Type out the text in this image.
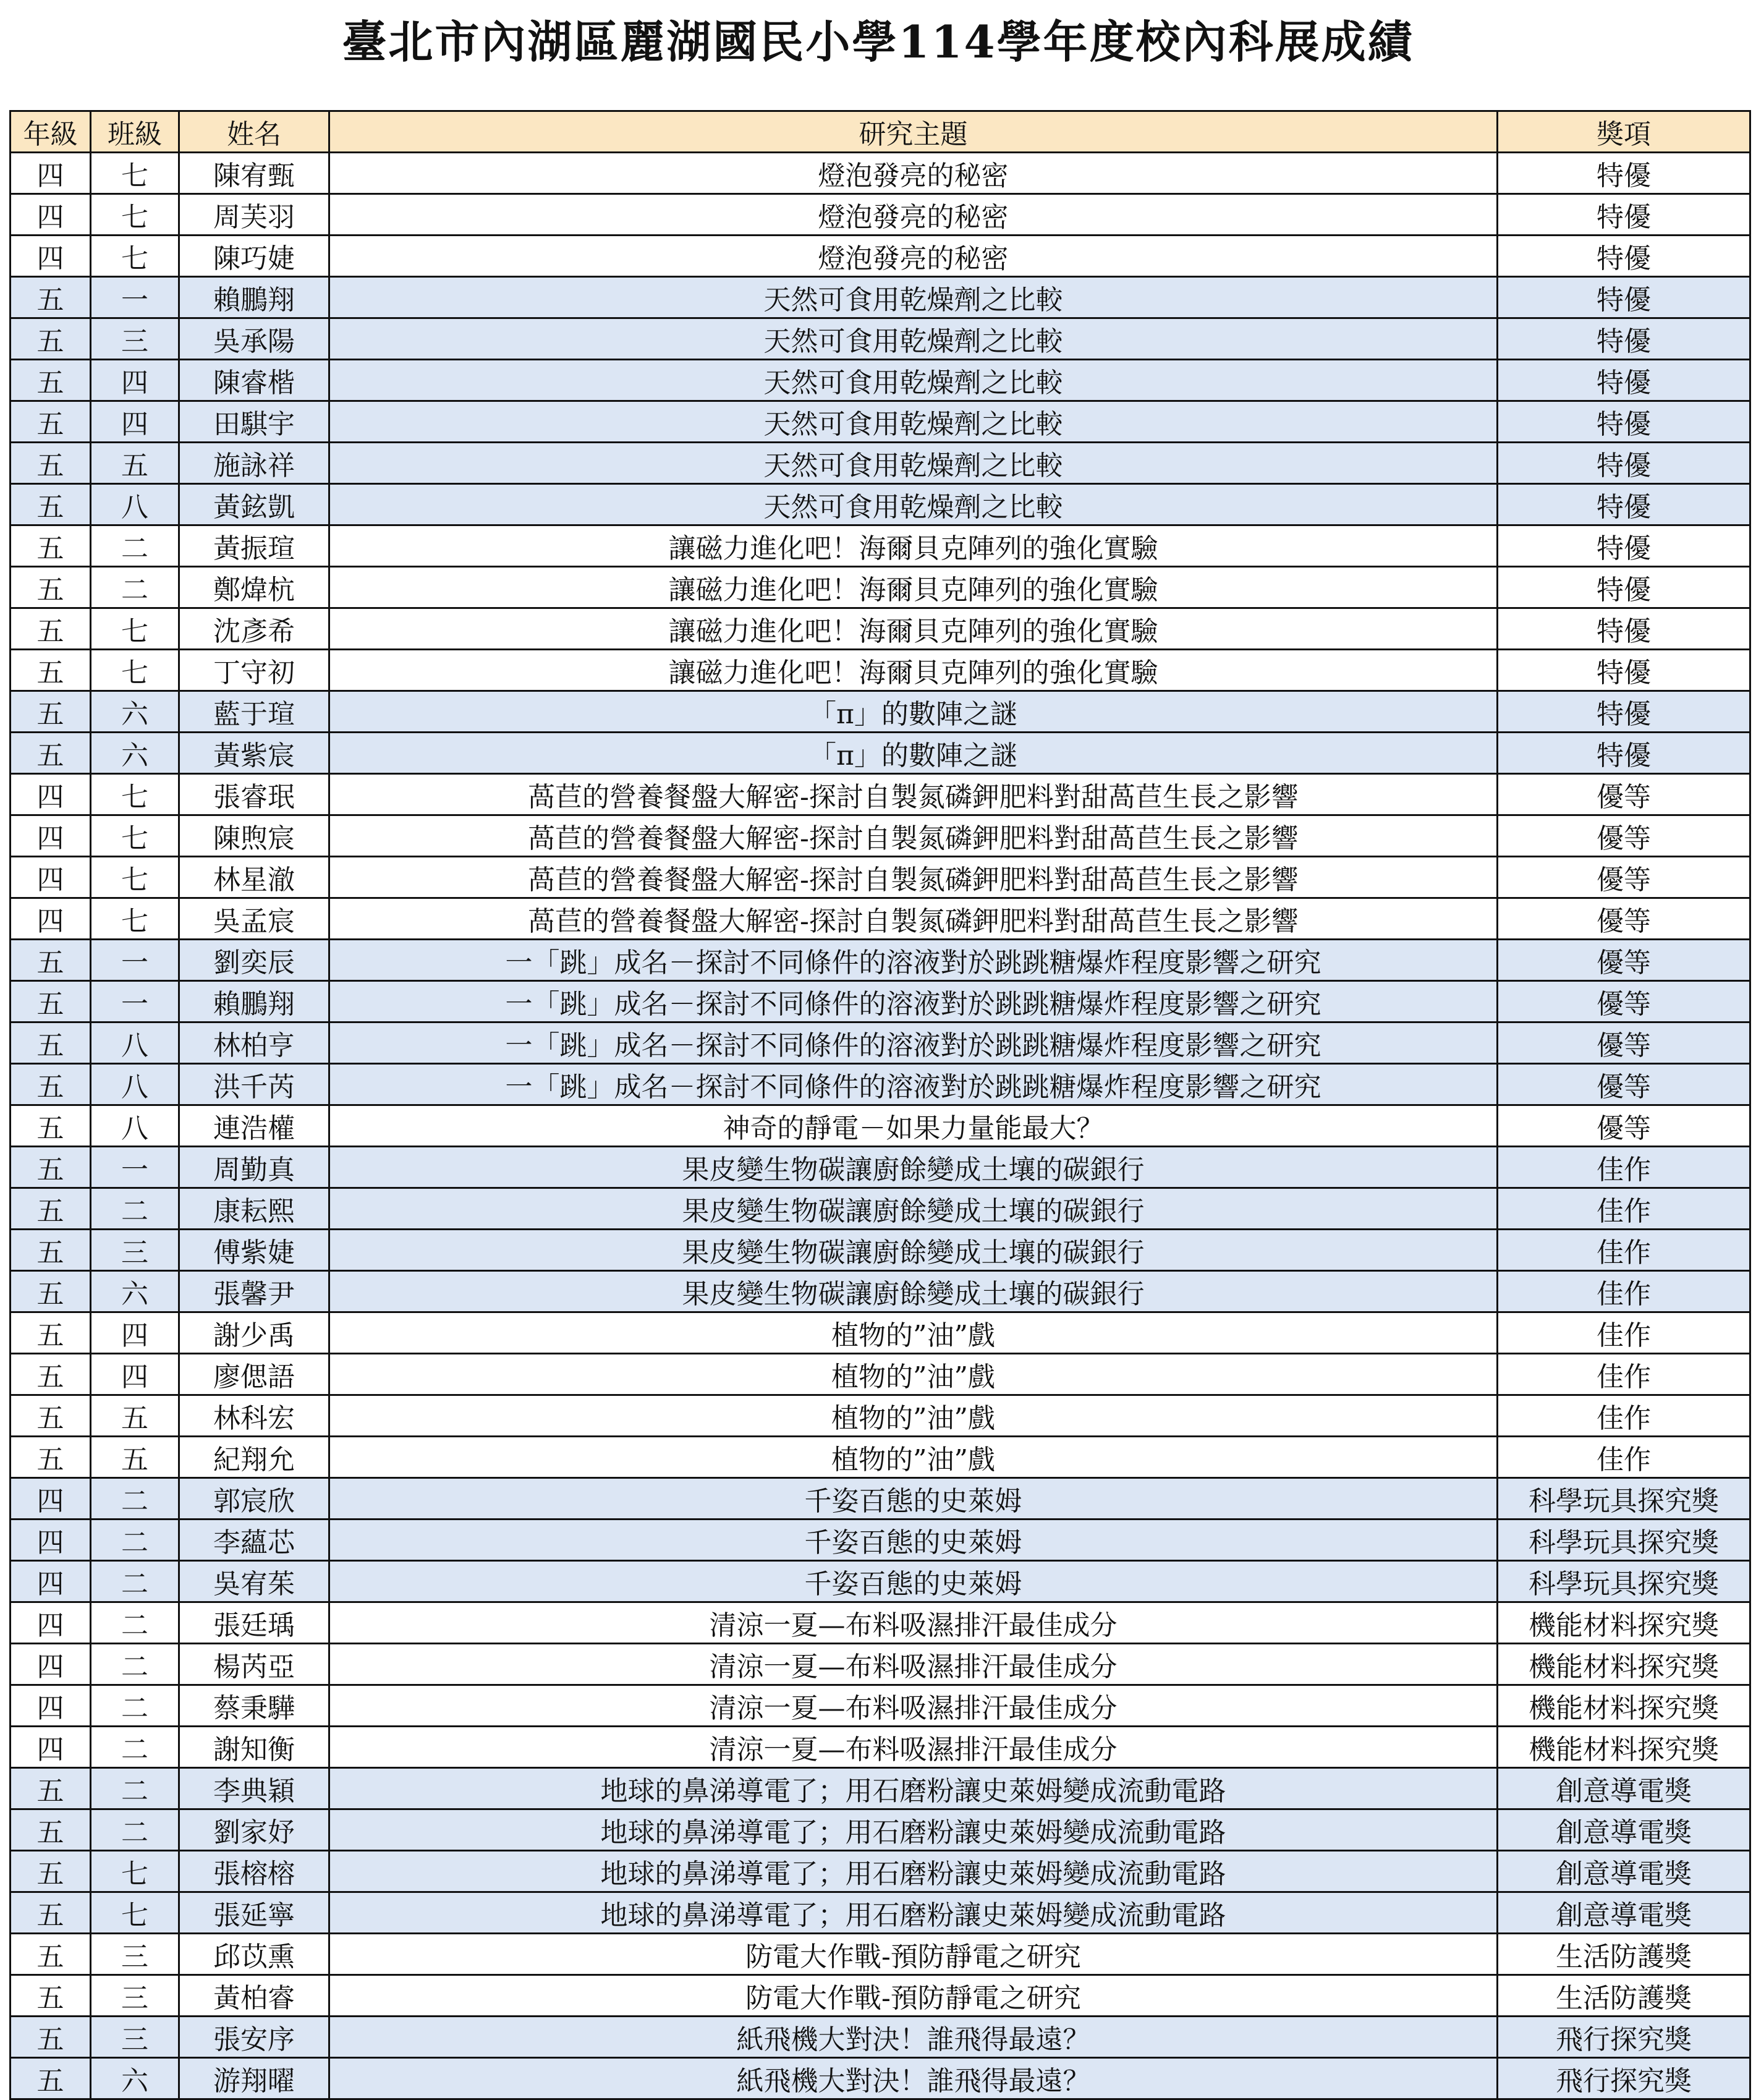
臺北市內湖區麗湖國民小學114學年度校內科展成績
年級	班級	姓名	研究主題	獎項
四	七	陳宥甄	燈泡發亮的秘密	特優
四	七	周芙羽	燈泡發亮的秘密	特優
四	七	陳巧婕	燈泡發亮的秘密	特優
五	一	賴鵬翔	天然可食用乾燥劑之比較	特優
五	三	吳承陽	天然可食用乾燥劑之比較	特優
五	四	陳睿楷	天然可食用乾燥劑之比較	特優
五	四	田騏宇	天然可食用乾燥劑之比較	特優
五	五	施詠祥	天然可食用乾燥劑之比較	特優
五	八	黃鉉凱	天然可食用乾燥劑之比較	特優
五	二	黃振瑄	讓磁力進化吧！海爾貝克陣列的強化實驗	特優
五	二	鄭煒杭	讓磁力進化吧！海爾貝克陣列的強化實驗	特優
五	七	沈彥希	讓磁力進化吧！海爾貝克陣列的強化實驗	特優
五	七	丁守初	讓磁力進化吧！海爾貝克陣列的強化實驗	特優
五	六	藍于瑄	「π」的數陣之謎	特優
五	六	黃紫宸	「π」的數陣之謎	特優
四	七	張睿珉	萵苣的營養餐盤大解密-探討自製氮磷鉀肥料對甜萵苣生長之影響	優等
四	七	陳煦宸	萵苣的營養餐盤大解密-探討自製氮磷鉀肥料對甜萵苣生長之影響	優等
四	七	林星澈	萵苣的營養餐盤大解密-探討自製氮磷鉀肥料對甜萵苣生長之影響	優等
四	七	吳孟宸	萵苣的營養餐盤大解密-探討自製氮磷鉀肥料對甜萵苣生長之影響	優等
五	一	劉奕辰	一「跳」成名－探討不同條件的溶液對於跳跳糖爆炸程度影響之研究	優等
五	一	賴鵬翔	一「跳」成名－探討不同條件的溶液對於跳跳糖爆炸程度影響之研究	優等
五	八	林柏亨	一「跳」成名－探討不同條件的溶液對於跳跳糖爆炸程度影響之研究	優等
五	八	洪千芮	一「跳」成名－探討不同條件的溶液對於跳跳糖爆炸程度影響之研究	優等
五	八	連浩權	神奇的靜電－如果力量能最大？	優等
五	一	周勤真	果皮變生物碳讓廚餘變成土壤的碳銀行	佳作
五	二	康耘熙	果皮變生物碳讓廚餘變成土壤的碳銀行	佳作
五	三	傅紫婕	果皮變生物碳讓廚餘變成土壤的碳銀行	佳作
五	六	張馨尹	果皮變生物碳讓廚餘變成土壤的碳銀行	佳作
五	四	謝少禹	植物的”油”戲	佳作
五	四	廖偲語	植物的”油”戲	佳作
五	五	林科宏	植物的”油”戲	佳作
五	五	紀翔允	植物的”油”戲	佳作
四	二	郭宸欣	千姿百態的史萊姆	科學玩具探究獎
四	二	李蘊芯	千姿百態的史萊姆	科學玩具探究獎
四	二	吳宥茱	千姿百態的史萊姆	科學玩具探究獎
四	二	張廷瑀	清涼一夏—布料吸濕排汗最佳成分	機能材料探究獎
四	二	楊芮亞	清涼一夏—布料吸濕排汗最佳成分	機能材料探究獎
四	二	蔡秉驊	清涼一夏—布料吸濕排汗最佳成分	機能材料探究獎
四	二	謝知衡	清涼一夏—布料吸濕排汗最佳成分	機能材料探究獎
五	二	李典穎	地球的鼻涕導電了；用石磨粉讓史萊姆變成流動電路	創意導電獎
五	二	劉家妤	地球的鼻涕導電了；用石磨粉讓史萊姆變成流動電路	創意導電獎
五	七	張榕榕	地球的鼻涕導電了；用石磨粉讓史萊姆變成流動電路	創意導電獎
五	七	張延寧	地球的鼻涕導電了；用石磨粉讓史萊姆變成流動電路	創意導電獎
五	三	邱苡熏	防電大作戰-預防靜電之研究	生活防護獎
五	三	黃柏睿	防電大作戰-預防靜電之研究	生活防護獎
五	三	張安序	紙飛機大對決！誰飛得最遠？	飛行探究獎
五	六	游翔曜	紙飛機大對決！誰飛得最遠？	飛行探究獎
